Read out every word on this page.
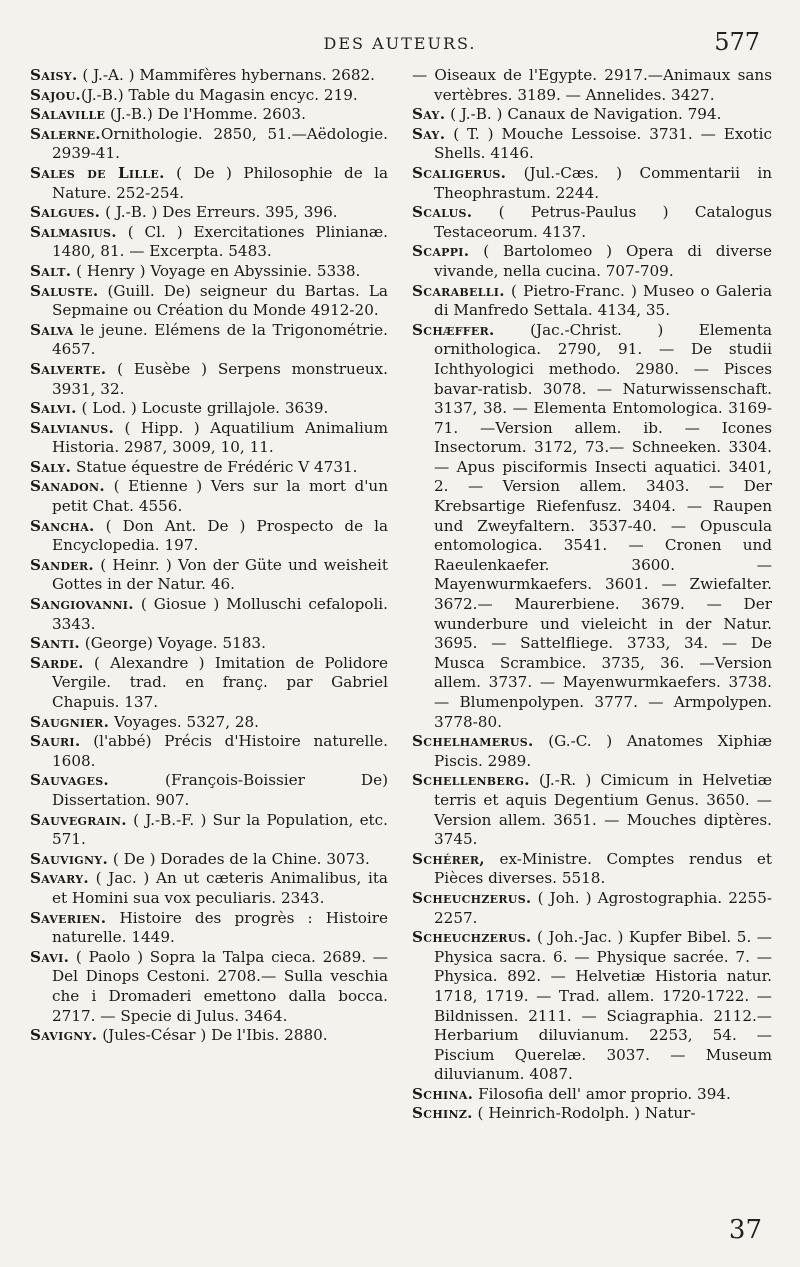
DES AUTEURS.	577

Saisy. ( J.-A. ) Mammifères hybernans. 2682.

Sajou.(J.-B.) Table du Magasin encyc. 219.

Salaville (J.-B.) De l'Homme. 2603.

Salerne.Ornithologie. 2850, 51.—Aëdologie. 2939-41.

Sales de Lille. ( De ) Philosophie de la Nature. 252-254.

Salgues. ( J.-B. ) Des Erreurs. 395, 396.

Salmasius. ( Cl. ) Exercitationes Plinianæ. 1480, 81. — Excerpta. 5483.

Salt. ( Henry ) Voyage en Abyssinie. 5338.

Saluste. (Guill. De) seigneur du Bartas. La Sepmaine ou Création du Monde 4912-20.

Salva le jeune. Elémens de la Trigonométrie. 4657.

Salverte. ( Eusèbe ) Serpens monstrueux. 3931, 32.

Salvi. ( Lod. ) Locuste grillajole. 3639.

Salvianus. ( Hipp. ) Aquatilium Animalium Historia. 2987, 3009, 10, 11.

Saly. Statue équestre de Frédéric V 4731.

Sanadon. ( Etienne ) Vers sur la mort d'un petit Chat. 4556.

Sancha. ( Don Ant. De ) Prospecto de la Encyclopedia. 197.

Sander. ( Heinr. ) Von der Güte und weisheit Gottes in der Natur. 46.

Sangiovanni. ( Giosue ) Molluschi cefalopoli. 3343.

Santi. (George) Voyage. 5183.

Sarde. ( Alexandre ) Imitation de Polidore Vergile. trad. en franç. par Gabriel Chapuis. 137.

Saugnier. Voyages. 5327, 28.

Sauri. (l'abbé) Précis d'Histoire naturelle. 1608.

Sauvages. (François-Boissier De) Dissertation. 907.

Sauvegrain. ( J.-B.-F. ) Sur la Population, etc. 571.

Sauvigny. ( De ) Dorades de la Chine. 3073.

Savary. ( Jac. ) An ut cæteris Animalibus, ita et Homini sua vox peculiaris. 2343.

Saverien. Histoire des progrès : Histoire naturelle. 1449.

Savi. ( Paolo ) Sopra la Talpa cieca. 2689. — Del Dinops Cestoni. 2708.— Sulla veschia che i Dromaderi emettono dalla bocca. 2717. — Specie di Julus. 3464.

Savigny. (Jules-César ) De l'Ibis. 2880.

— Oiseaux de l'Egypte. 2917.—Animaux sans vertèbres. 3189. — Annelides. 3427.

Say. ( J.-B. ) Canaux de Navigation. 794.

Say. ( T. ) Mouche Lessoise. 3731. — Exotic Shells. 4146.

Scaligerus. (Jul.-Cæs. ) Commentarii in Theophrastum. 2244.

Scalus. ( Petrus-Paulus ) Catalogus Testaceorum. 4137.

Scappi. ( Bartolomeo ) Opera di diverse vivande, nella cucina. 707-709.

Scarabelli. ( Pietro-Franc. ) Museo o Galeria di Manfredo Settala. 4134, 35.

Schæffer. (Jac.-Christ. ) Elementa ornithologica. 2790, 91. — De studii Ichthyologici methodo. 2980. — Pisces bavar-ratisb. 3078. — Naturwissenschaft. 3137, 38. — Elementa Entomologica. 3169-71. —Version allem. ib. — Icones Insectorum. 3172, 73.— Schneeken. 3304. — Apus pisciformis Insecti aquatici. 3401, 2. — Version allem. 3403. — Der Krebsartige Riefenfusz. 3404. — Raupen und Zweyfaltern. 3537-40. — Opuscula entomologica. 3541. — Cronen und Raeulenkaefer. 3600. — Mayenwurmkaefers. 3601. — Zwiefalter. 3672.— Maurerbiene. 3679. — Der wunderbure und vieleicht in der Natur. 3695. — Sattelfliege. 3733, 34. — De Musca Scrambice. 3735, 36. —Version allem. 3737. — Mayenwurmkaefers. 3738.— Blumenpolypen. 3777. — Armpolypen. 3778-80.

Schelhamerus. (G.-C. ) Anatomes Xiphiæ Piscis. 2989.

Schellenberg. (J.-R. ) Cimicum in Helvetiæ terris et aquis Degentium Genus. 3650. — Version allem. 3651. — Mouches diptères. 3745.

Schérer, ex-Ministre. Comptes rendus et Pièces diverses. 5518.

Scheuchzerus. ( Joh. ) Agrostographia. 2255-2257.

Scheuchzerus. ( Joh.-Jac. ) Kupfer Bibel. 5. — Physica sacra. 6. — Physique sacrée. 7. — Physica. 892. — Helvetiæ Historia natur. 1718, 1719. — Trad. allem. 1720-1722. — Bildnissen. 2111. — Sciagraphia. 2112.— Herbarium diluvianum. 2253, 54. — Piscium Querelæ. 3037. — Museum diluvianum. 4087.

Schina. Filosofia dell' amor proprio. 394.

Schinz. ( Heinrich-Rodolph. ) Natur-

37
